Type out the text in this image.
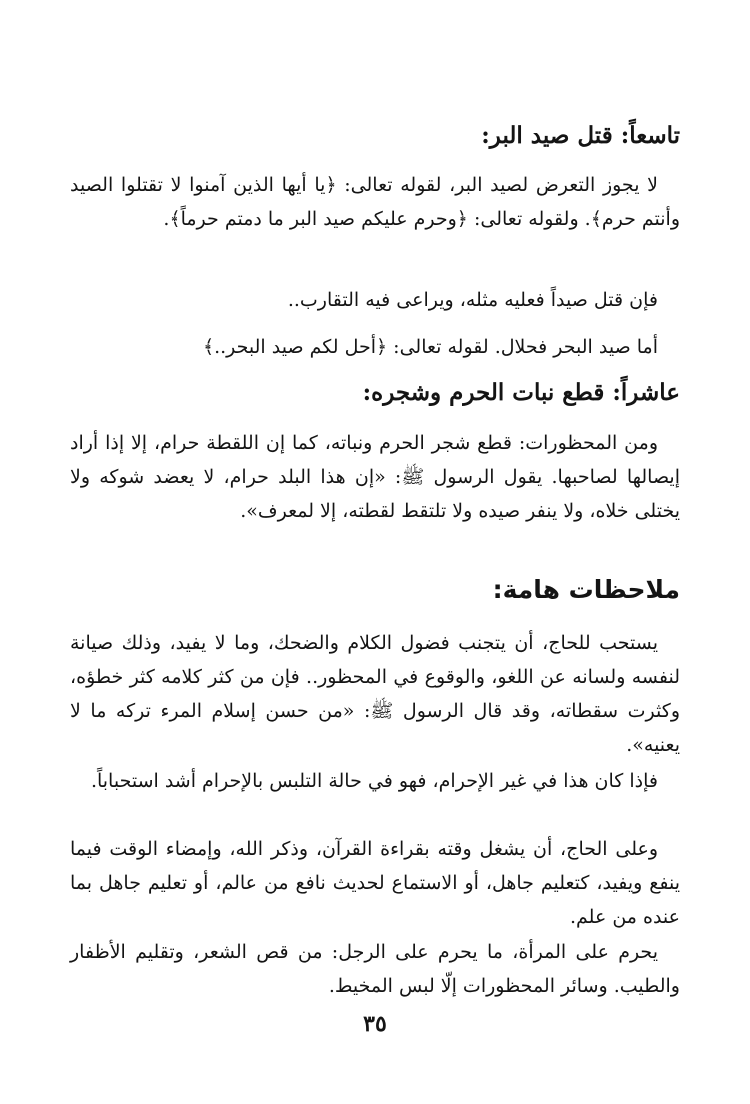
تاسعاً: قتل صيد البر:

لا يجوز التعرض لصيد البر، لقوله تعالى: ﴿يا أيها الذين آمنوا لا تقتلوا الصيد وأنتم حرم﴾. ولقوله تعالى: ﴿وحرم عليكم صيد البر ما دمتم حرماً﴾.

فإن قتل صيداً فعليه مثله، ويراعى فيه التقارب..

أما صيد البحر فحلال. لقوله تعالى: ﴿أحل لكم صيد البحر..﴾

عاشراً: قطع نبات الحرم وشجره:

ومن المحظورات: قطع شجر الحرم ونباته، كما إن اللقطة حرام، إلا إذا أراد إيصالها لصاحبها. يقول الرسول ﷺ: «إن هذا البلد حرام، لا يعضد شوكه ولا يختلى خلاه، ولا ينفر صيده ولا تلتقط لقطته، إلا لمعرف».

ملاحظات هامة:

يستحب للحاج، أن يتجنب فضول الكلام والضحك، وما لا يفيد، وذلك صيانة لنفسه ولسانه عن اللغو، والوقوع في المحظور.. فإن من كثر كلامه كثر خطؤه، وكثرت سقطاته، وقد قال الرسول ﷺ: «من حسن إسلام المرء تركه ما لا يعنيه».

فإذا كان هذا في غير الإحرام، فهو في حالة التلبس بالإحرام أشد استحباباً.

وعلى الحاج، أن يشغل وقته بقراءة القرآن، وذكر الله، وإمضاء الوقت فيما ينفع ويفيد، كتعليم جاهل، أو الاستماع لحديث نافع من عالم، أو تعليم جاهل بما عنده من علم.

يحرم على المرأة، ما يحرم على الرجل: من قص الشعر، وتقليم الأظفار والطيب. وسائر المحظورات إلّا لبس المخيط.

٣٥
